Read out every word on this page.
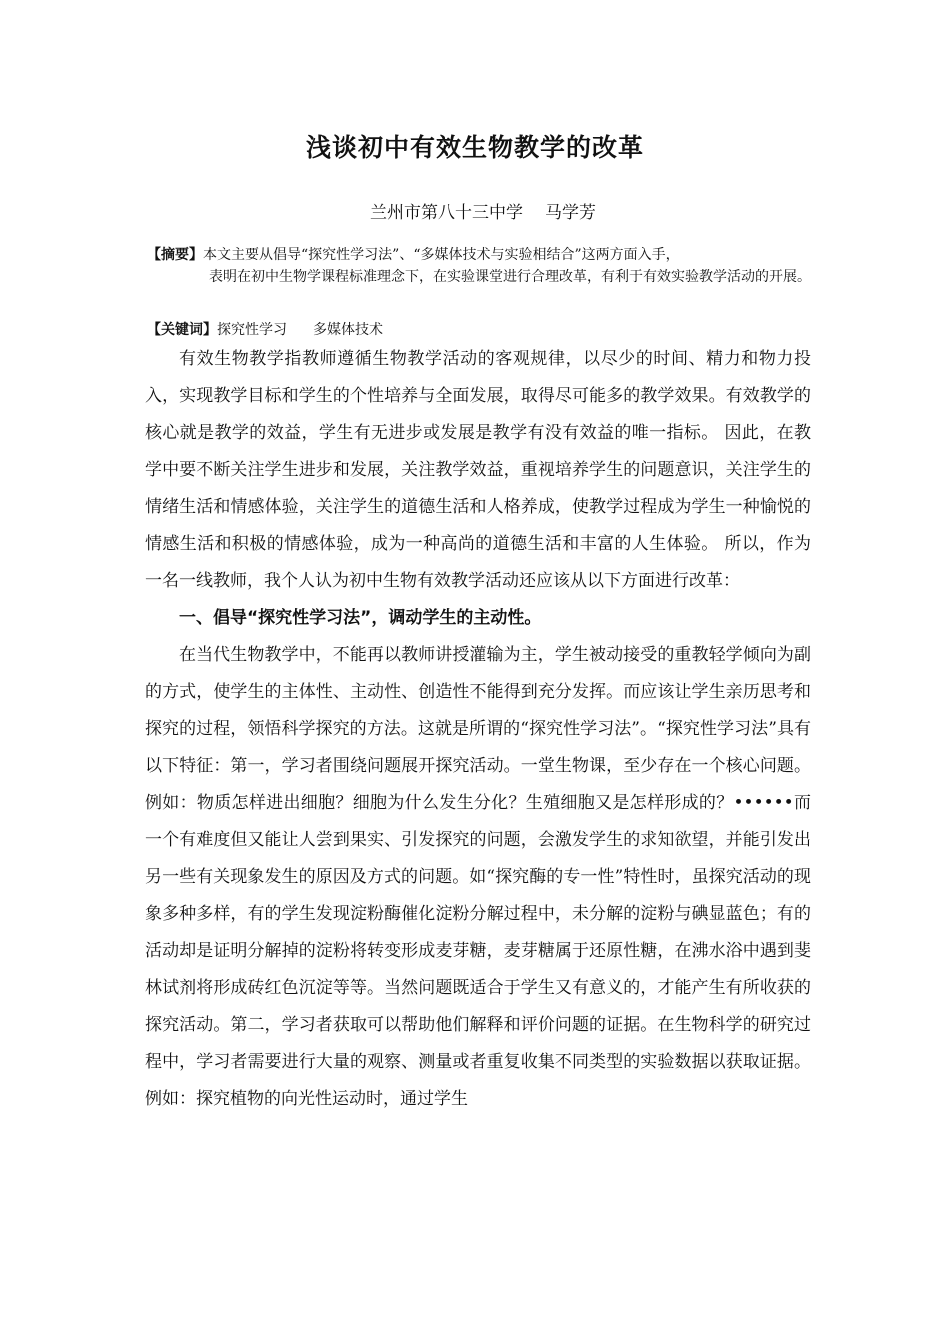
浅谈初中有效生物教学的改革

兰州市第八十三中学 马学芳

【摘要】本文主要从倡导“探究性学习法”、“多媒体技术与实验相结合”这两方面入手，
表明在初中生物学课程标准理念下，在实验课堂进行合理改革，有利于有效实验教学活动的开展。

【关键词】探究性学习 多媒体技术

有效生物教学指教师遵循生物教学活动的客观规律，以尽少的时间、精力和物力投入，实现教学目标和学生的个性培养与全面发展，取得尽可能多的教学效果。有效教学的核心就是教学的效益，学生有无进步或发展是教学有没有效益的唯一指标。 因此，在教学中要不断关注学生进步和发展，关注教学效益，重视培养学生的问题意识，关注学生的情绪生活和情感体验，关注学生的道德生活和人格养成，使教学过程成为学生一种愉悦的情感生活和积极的情感体验，成为一种高尚的道德生活和丰富的人生体验。 所以，作为一名一线教师，我个人认为初中生物有效教学活动还应该从以下方面进行改革：

一、倡导“探究性学习法”，调动学生的主动性。

在当代生物教学中，不能再以教师讲授灌输为主，学生被动接受的重教轻学倾向为副的方式，使学生的主体性、主动性、创造性不能得到充分发挥。而应该让学生亲历思考和探究的过程，领悟科学探究的方法。这就是所谓的“探究性学习法”。“探究性学习法”具有以下特征：第一，学习者围绕问题展开探究活动。一堂生物课，至少存在一个核心问题。例如：物质怎样进出细胞？细胞为什么发生分化？生殖细胞又是怎样形成的？••••••而一个有难度但又能让人尝到果实、引发探究的问题，会激发学生的求知欲望，并能引发出另一些有关现象发生的原因及方式的问题。如“探究酶的专一性”特性时，虽探究活动的现象多种多样，有的学生发现淀粉酶催化淀粉分解过程中，未分解的淀粉与碘显蓝色；有的活动却是证明分解掉的淀粉将转变形成麦芽糖，麦芽糖属于还原性糖，在沸水浴中遇到斐林试剂将形成砖红色沉淀等等。当然问题既适合于学生又有意义的，才能产生有所收获的探究活动。第二，学习者获取可以帮助他们解释和评价问题的证据。在生物科学的研究过程中，学习者需要进行大量的观察、测量或者重复收集不同类型的实验数据以获取证据。例如：探究植物的向光性运动时，通过学生
